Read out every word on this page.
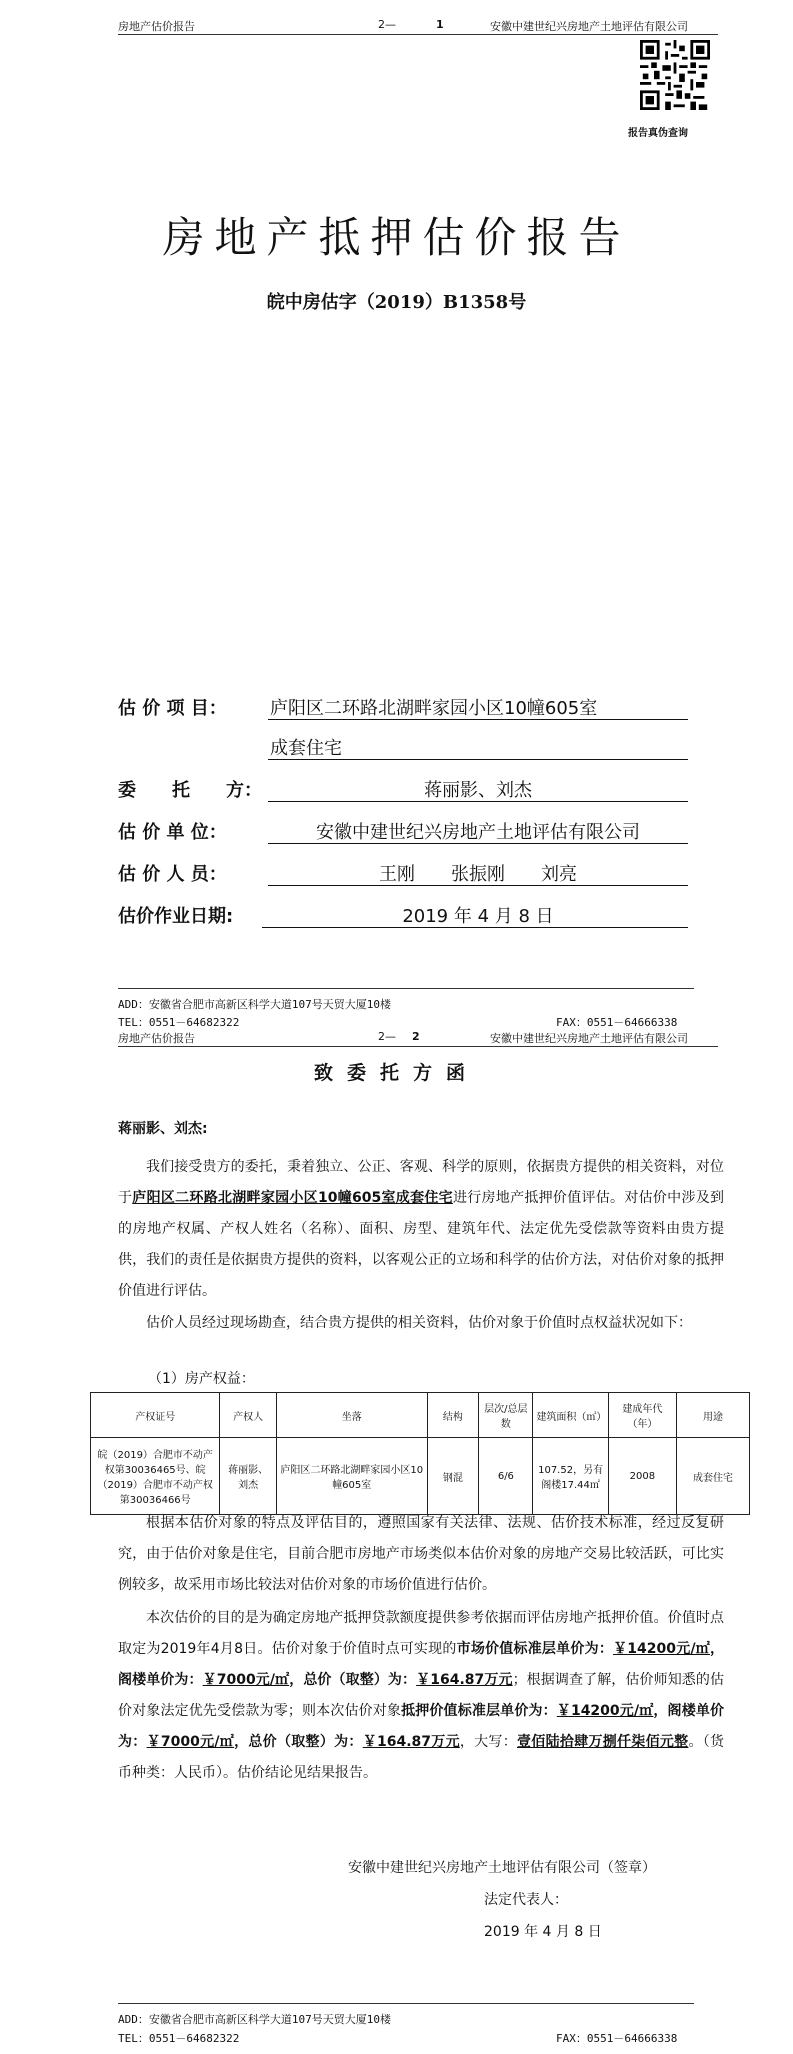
房地产估价报告	2—	1	安徽中建世纪兴房地产土地评估有限公司
报告真伪查询
房地产抵押估价报告
皖中房估字（2019）B1358号
估 价 项 目： 庐阳区二环路北湖畔家园小区10幢605室
成套住宅
委　　托　　方：	蒋丽影、刘杰
估 价 单 位：	安徽中建世纪兴房地产土地评估有限公司
估 价 人 员：	王刚　　张振刚　　刘亮
估价作业日期:	2019 年 4 月 8 日
ADD：安徽省合肥市高新区科学大道107号天贸大厦10楼
TEL：0551－64682322	FAX：0551－64666338
房地产估价报告	2— 2	安徽中建世纪兴房地产土地评估有限公司
致委托方函
蒋丽影、刘杰:
我们接受贵方的委托，秉着独立、公正、客观、科学的原则，依据贵方提供的相关资料，对位于庐阳区二环路北湖畔家园小区10幢605室成套住宅进行房地产抵押价值评估。对估价中涉及到的房地产权属、产权人姓名（名称）、面积、房型、建筑年代、法定优先受偿款等资料由贵方提供，我们的责任是依据贵方提供的资料，以客观公正的立场和科学的估价方法，对估价对象的抵押价值进行评估。
估价人员经过现场勘查，结合贵方提供的相关资料，估价对象于价值时点权益状况如下：
（1）房产权益：
产权证号	产权人	坐落	结构	层次/总层数	建筑面积（㎡）	建成年代（年）	用途
皖（2019）合肥市不动产权第30036465号、皖（2019）合肥市不动产权第30036466号	蒋丽影、刘杰	庐阳区二环路北湖畔家园小区10幢605室	钢混	6/6	107.52，另有阁楼17.44㎡	2008	成套住宅
根据本估价对象的特点及评估目的，遵照国家有关法律、法规、估价技术标准，经过反复研究，由于估价对象是住宅，目前合肥市房地产市场类似本估价对象的房地产交易比较活跃，可比实例较多，故采用市场比较法对估价对象的市场价值进行估价。
本次估价的目的是为确定房地产抵押贷款额度提供参考依据而评估房地产抵押价值。价值时点取定为2019年4月8日。估价对象于价值时点可实现的市场价值标准层单价为：￥14200元/㎡，阁楼单价为：￥7000元/㎡，总价（取整）为：￥164.87万元；根据调查了解，估价师知悉的估价对象法定优先受偿款为零；则本次估价对象抵押价值标准层单价为：￥14200元/㎡，阁楼单价为：￥7000元/㎡，总价（取整）为：￥164.87万元，大写：壹佰陆拾肆万捌仟柒佰元整。（货币种类：人民币）。估价结论见结果报告。
安徽中建世纪兴房地产土地评估有限公司（签章）
法定代表人：
2019 年 4 月 8 日
ADD：安徽省合肥市高新区科学大道107号天贸大厦10楼
TEL：0551－64682322	FAX：0551－64666338
